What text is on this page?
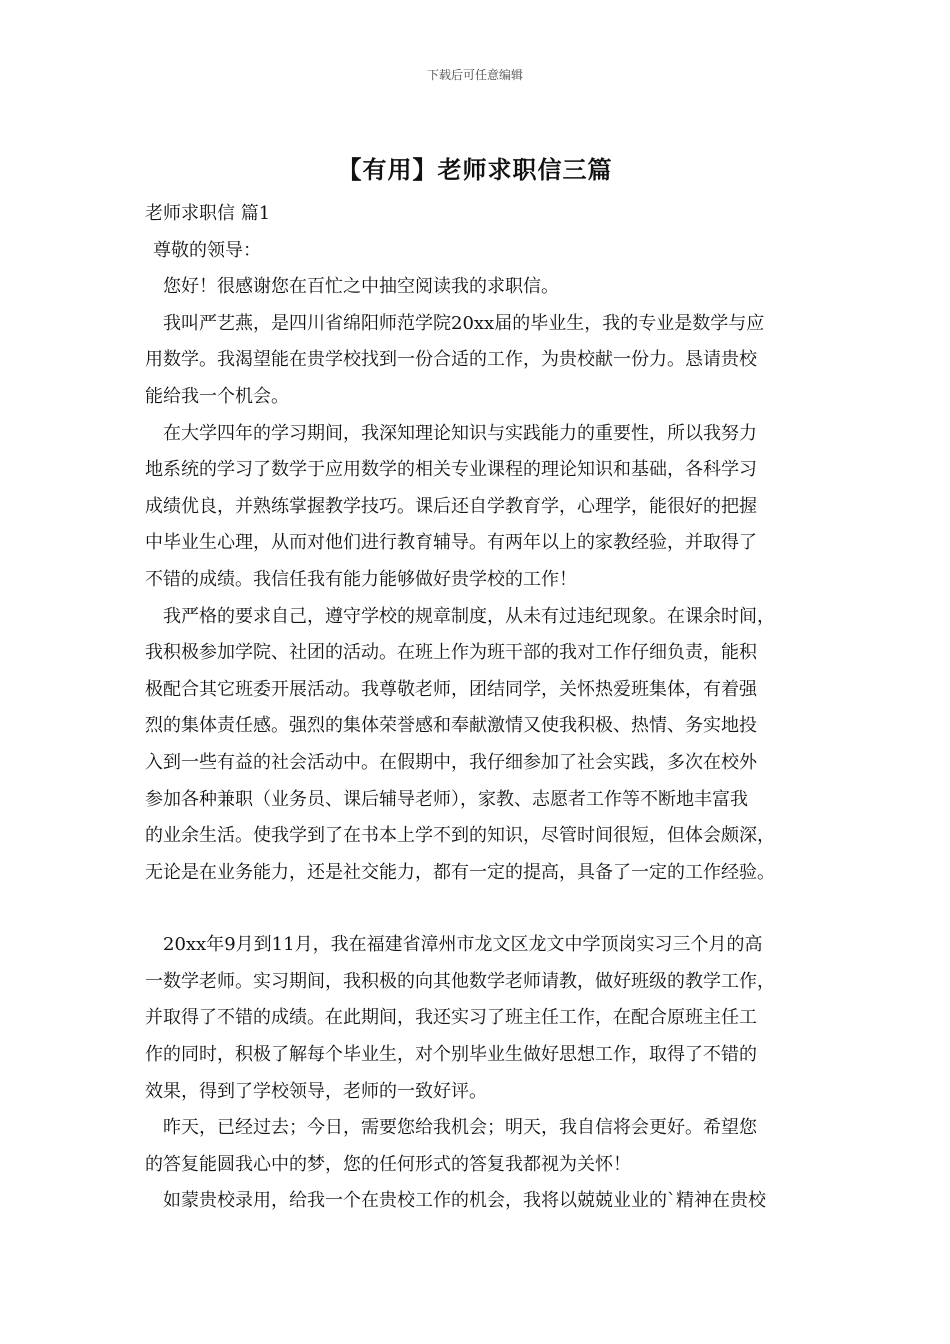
下载后可任意编辑
【有用】老师求职信三篇
老师求职信 篇1
尊敬的领导：
您好！很感谢您在百忙之中抽空阅读我的求职信。
我叫严艺燕，是四川省绵阳师范学院20xx届的毕业生，我的专业是数学与应
用数学。我渴望能在贵学校找到一份合适的工作，为贵校献一份力。恳请贵校
能给我一个机会。
在大学四年的学习期间，我深知理论知识与实践能力的重要性，所以我努力
地系统的学习了数学于应用数学的相关专业课程的理论知识和基础，各科学习
成绩优良，并熟练掌握教学技巧。课后还自学教育学，心理学，能很好的把握
中毕业生心理，从而对他们进行教育辅导。有两年以上的家教经验，并取得了
不错的成绩。我信任我有能力能够做好贵学校的工作！
我严格的要求自己，遵守学校的规章制度，从未有过违纪现象。在课余时间，
我积极参加学院、社团的活动。在班上作为班干部的我对工作仔细负责，能积
极配合其它班委开展活动。我尊敬老师，团结同学，关怀热爱班集体，有着强
烈的集体责任感。强烈的集体荣誉感和奉献激情又使我积极、热情、务实地投
入到一些有益的社会活动中。在假期中，我仔细参加了社会实践，多次在校外
参加各种兼职（业务员、课后辅导老师），家教、志愿者工作等不断地丰富我
的业余生活。使我学到了在书本上学不到的知识，尽管时间很短，但体会颇深，
无论是在业务能力，还是社交能力，都有一定的提高，具备了一定的工作经验。
20xx年9月到11月，我在福建省漳州市龙文区龙文中学顶岗实习三个月的高
一数学老师。实习期间，我积极的向其他数学老师请教，做好班级的教学工作，
并取得了不错的成绩。在此期间，我还实习了班主任工作，在配合原班主任工
作的同时，积极了解每个毕业生，对个别毕业生做好思想工作，取得了不错的
效果，得到了学校领导，老师的一致好评。
昨天，已经过去；今日，需要您给我机会；明天，我自信将会更好。希望您
的答复能圆我心中的梦，您的任何形式的答复我都视为关怀！
如蒙贵校录用，给我一个在贵校工作的机会，我将以兢兢业业的`精神在贵校
